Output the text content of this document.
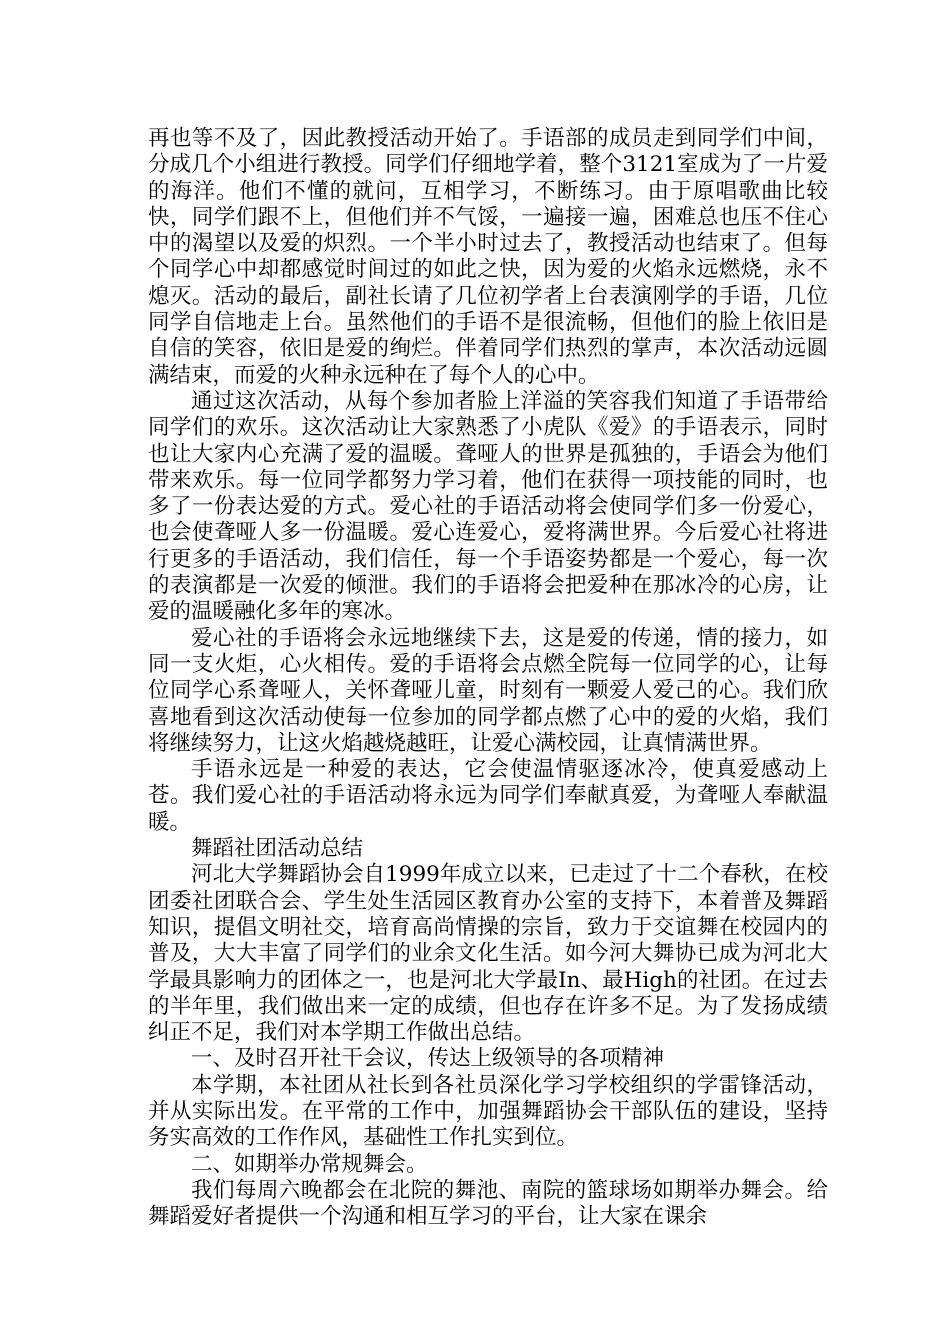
再也等不及了，因此教授活动开始了。手语部的成员走到同学们中间，分成几个小组进行教授。同学们仔细地学着，整个3121室成为了一片爱的海洋。他们不懂的就问，互相学习，不断练习。由于原唱歌曲比较快，同学们跟不上，但他们并不气馁，一遍接一遍，困难总也压不住心中的渴望以及爱的炽烈。一个半小时过去了，教授活动也结束了。但每个同学心中却都感觉时间过的如此之快，因为爱的火焰永远燃烧，永不熄灭。活动的最后，副社长请了几位初学者上台表演刚学的手语，几位同学自信地走上台。虽然他们的手语不是很流畅，但他们的脸上依旧是自信的笑容，依旧是爱的绚烂。伴着同学们热烈的掌声，本次活动远圆满结束，而爱的火种永远种在了每个人的心中。

通过这次活动，从每个参加者脸上洋溢的笑容我们知道了手语带给同学们的欢乐。这次活动让大家熟悉了小虎队《爱》的手语表示，同时也让大家内心充满了爱的温暖。聋哑人的世界是孤独的，手语会为他们带来欢乐。每一位同学都努力学习着，他们在获得一项技能的同时，也多了一份表达爱的方式。爱心社的手语活动将会使同学们多一份爱心，也会使聋哑人多一份温暖。爱心连爱心，爱将满世界。今后爱心社将进行更多的手语活动，我们信任，每一个手语姿势都是一个爱心，每一次的表演都是一次爱的倾泄。我们的手语将会把爱种在那冰冷的心房，让爱的温暖融化多年的寒冰。

爱心社的手语将会永远地继续下去，这是爱的传递，情的接力，如同一支火炬，心火相传。爱的手语将会点燃全院每一位同学的心，让每位同学心系聋哑人，关怀聋哑儿童，时刻有一颗爱人爱己的心。我们欣喜地看到这次活动使每一位参加的同学都点燃了心中的爱的火焰，我们将继续努力，让这火焰越烧越旺，让爱心满校园，让真情满世界。

手语永远是一种爱的表达，它会使温情驱逐冰冷，使真爱感动上苍。我们爱心社的手语活动将永远为同学们奉献真爱，为聋哑人奉献温暖。

舞蹈社团活动总结

河北大学舞蹈协会自1999年成立以来，已走过了十二个春秋，在校团委社团联合会、学生处生活园区教育办公室的支持下，本着普及舞蹈知识，提倡文明社交，培育高尚情操的宗旨，致力于交谊舞在校园内的普及，大大丰富了同学们的业余文化生活。如今河大舞协已成为河北大学最具影响力的团体之一，也是河北大学最In、最High的社团。在过去的半年里，我们做出来一定的成绩，但也存在许多不足。为了发扬成绩纠正不足，我们对本学期工作做出总结。

一、及时召开社干会议，传达上级领导的各项精神

本学期，本社团从社长到各社员深化学习学校组织的学雷锋活动，并从实际出发。在平常的工作中，加强舞蹈协会干部队伍的建设，坚持务实高效的工作作风，基础性工作扎实到位。

二、如期举办常规舞会。

我们每周六晚都会在北院的舞池、南院的篮球场如期举办舞会。给舞蹈爱好者提供一个沟通和相互学习的平台，让大家在课余
